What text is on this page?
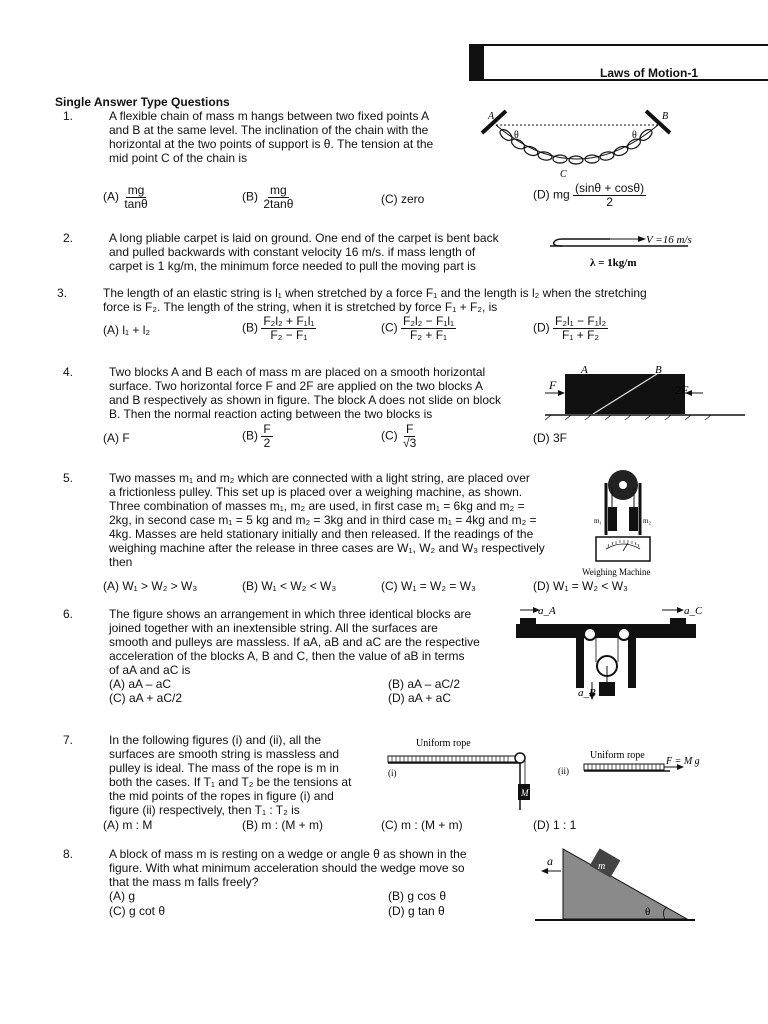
Laws of Motion-1
Single Answer Type Questions
1.	A flexible chain of mass m hangs between two fixed points A
and B at the same level. The inclination of the chain with the
horizontal at the two points of support is θ. The tension at the
mid point C of the chain is
$(A) \frac{mg}{\tan\theta}$	$(B) \frac{mg}{2\tan\theta}$	(C) zero	(D) mg $\frac{(\sin\theta + \cos\theta)}{2}$
A	B
θ	θ
C
2.	A long pliable carpet is laid on ground. One end of the carpet is bent back
and pulled backwards with constant velocity 16 m/s. if mass length of
carpet is 1 kg/m, the minimum force needed to pull the moving part is
V =16 m/s
λ = 1kg/m
3.	The length of an elastic string is l₁ when stretched by a force F₁ and the length is l₂ when the stretching
force is F₂. The length of the string, when it is stretched by force F₁ + F₂, is
(A) l₁ + l₂	$(B) \frac{\text{F₂l₂ + F₁l₁}}{\text{F₂ − F₁}}$	$(C) \frac{\text{F₂l₂ − F₁l₁}}{\text{F₂ + F₁}}$	$(D) \frac{\text{F₂l₁ − F₁l₂}}{\text{F₁ + F₂}}$
4.	Two blocks A and B each of mass m are placed on a smooth horizontal
surface. Two horizontal force F and 2F are applied on the two blocks A
and B respectively as shown in figure. The block A does not slide on block
B. Then the normal reaction acting between the two blocks is
(A) F	$(B) \frac{F}{2}$	$(C) \frac{F}{√3}$	(D) 3F
F	2F
A	B
5.	Two masses m₁ and m₂ which are connected with a light string, are placed over
a frictionless pulley. This set up is placed over a weighing machine, as shown.
Three combination of masses m₁, m₂ are used, in first case m₁ = 6kg and m₂ =
2kg, in second case m₁ = 5 kg and m₂ = 3kg and in third case m₁ = 4kg and m₂ =
4kg. Masses are held stationary initially and then released. If the readings of the
weighing machine after the release in three cases are W₁, W₂ and W₃ respectively
then
(A) W₁ > W₂ > W₃	(B) W₁ < W₂ < W₃	(C) W₁ = W₂ = W₃	(D) W₁ = W₂ < W₃
m₁	m₂
Weighing Machine
6.	The figure shows an arrangement in which three identical blocks are
joined together with an inextensible string. All the surfaces are
smooth and pulleys are massless. If aA, aB and aC are the respective
acceleration of the blocks A, B and C, then the value of aB in terms
of aA and aC is
(A) aA – aC	(B) aA – aC/2
(C) aA + aC/2	(D) aA + aC
a_A	a_C
a_B
7.	In the following figures (i) and (ii), all the
surfaces are smooth string is massless and
pulley is ideal. The mass of the rope is m in
both the cases. If T₁ and T₂ be the tensions at
the mid points of the ropes in figure (i) and
figure (ii) respectively, then T₁ : T₂ is
(A) m : M	(B) m : (M + m)	(C) m : (M + m)	(D) 1 : 1
Uniform rope
(i)
M
Uniform rope
(ii)
F = M g
8.	A block of mass m is resting on a wedge or angle θ as shown in the
figure. With what minimum acceleration should the wedge move so
that the mass m falls freely?
(A) g	(B) g cos θ
(C) g cot θ	(D) g tan θ
m
θ
a
